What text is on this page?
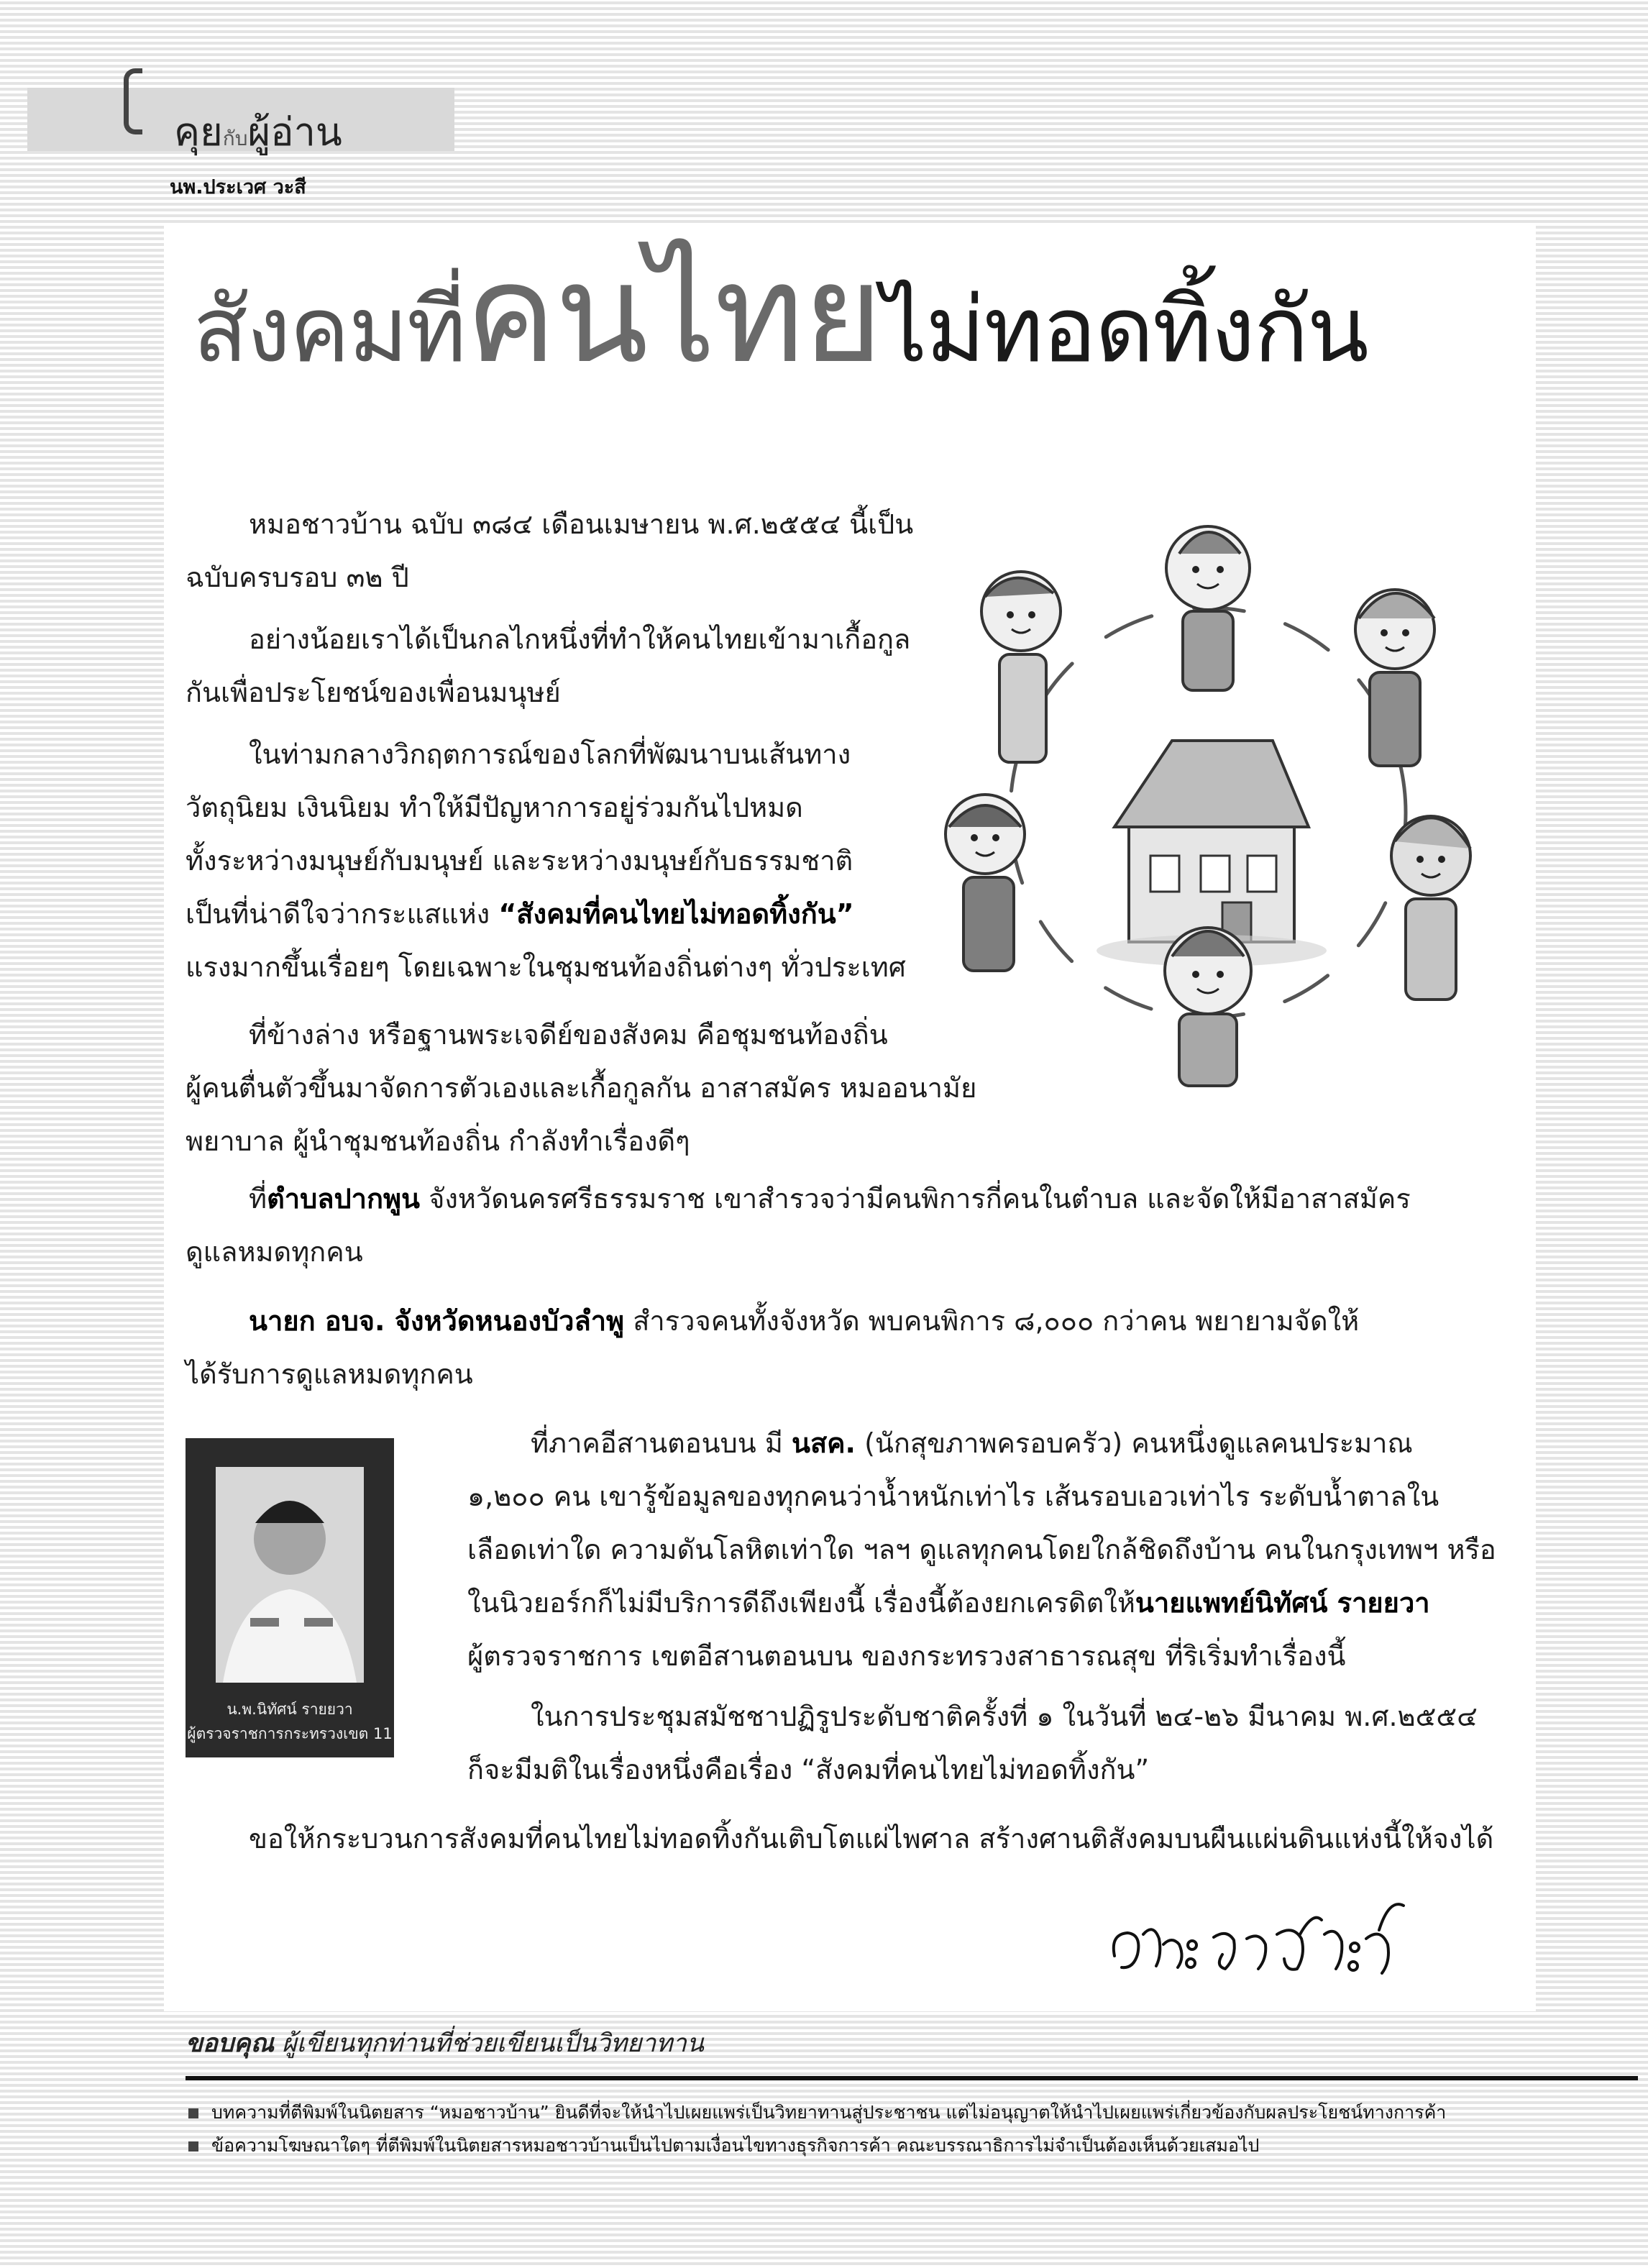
คุยกับผู้อ่าน
นพ.ประเวศ วะสี
สังคมที่คนไทยไม่ทอดทิ้งกัน

หมอชาวบ้าน ฉบับ ๓๘๔ เดือนเมษายน พ.ศ.๒๕๕๔ นี้เป็น
ฉบับครบรอบ ๓๒ ปี

อย่างน้อยเราได้เป็นกลไกหนึ่งที่ทำให้คนไทยเข้ามาเกื้อกูล
กันเพื่อประโยชน์ของเพื่อนมนุษย์

ในท่ามกลางวิกฤตการณ์ของโลกที่พัฒนาบนเส้นทาง
วัตถุนิยม เงินนิยม ทำให้มีปัญหาการอยู่ร่วมกันไปหมด
ทั้งระหว่างมนุษย์กับมนุษย์ และระหว่างมนุษย์กับธรรมชาติ
เป็นที่น่าดีใจว่ากระแสแห่ง “สังคมที่คนไทยไม่ทอดทิ้งกัน”
แรงมากขึ้นเรื่อยๆ โดยเฉพาะในชุมชนท้องถิ่นต่างๆ ทั่วประเทศ

ที่ข้างล่าง หรือฐานพระเจดีย์ของสังคม คือชุมชนท้องถิ่น
ผู้คนตื่นตัวขึ้นมาจัดการตัวเองและเกื้อกูลกัน อาสาสมัคร หมออนามัย
พยาบาล ผู้นำชุมชนท้องถิ่น กำลังทำเรื่องดีๆ

ที่ตำบลปากพูน จังหวัดนครศรีธรรมราช เขาสำรวจว่ามีคนพิการกี่คนในตำบล และจัดให้มีอาสาสมัคร
ดูแลหมดทุกคน

นายก อบจ. จังหวัดหนองบัวลำพู สำรวจคนทั้งจังหวัด พบคนพิการ ๘,๐๐๐ กว่าคน พยายามจัดให้
ได้รับการดูแลหมดทุกคน

น.พ.นิทัศน์ รายยวา
ผู้ตรวจราชการกระทรวงเขต 11

ที่ภาคอีสานตอนบน มี นสค. (นักสุขภาพครอบครัว) คนหนึ่งดูแลคนประมาณ
๑,๒๐๐ คน เขารู้ข้อมูลของทุกคนว่าน้ำหนักเท่าไร เส้นรอบเอวเท่าไร ระดับน้ำตาลใน
เลือดเท่าใด ความดันโลหิตเท่าใด ฯลฯ ดูแลทุกคนโดยใกล้ชิดถึงบ้าน คนในกรุงเทพฯ หรือ
ในนิวยอร์กก็ไม่มีบริการดีถึงเพียงนี้ เรื่องนี้ต้องยกเครดิตให้นายแพทย์นิทัศน์ รายยวา
ผู้ตรวจราชการ เขตอีสานตอนบน ของกระทรวงสาธารณสุข ที่ริเริ่มทำเรื่องนี้

ในการประชุมสมัชชาปฏิรูประดับชาติครั้งที่ ๑ ในวันที่ ๒๔-๒๖ มีนาคม พ.ศ.๒๕๕๔
ก็จะมีมติในเรื่องหนึ่งคือเรื่อง “สังคมที่คนไทยไม่ทอดทิ้งกัน”

ขอให้กระบวนการสังคมที่คนไทยไม่ทอดทิ้งกันเติบโตแผ่ไพศาล สร้างศานติสังคมบนผืนแผ่นดินแห่งนี้ให้จงได้

ขอบคุณ ผู้เขียนทุกท่านที่ช่วยเขียนเป็นวิทยาทาน
บทความที่ตีพิมพ์ในนิตยสาร “หมอชาวบ้าน” ยินดีที่จะให้นำไปเผยแพร่เป็นวิทยาทานสู่ประชาชน แต่ไม่อนุญาตให้นำไปเผยแพร่เกี่ยวข้องกับผลประโยชน์ทางการค้า
ข้อความโฆษณาใดๆ ที่ตีพิมพ์ในนิตยสารหมอชาวบ้านเป็นไปตามเงื่อนไขทางธุรกิจการค้า คณะบรรณาธิการไม่จำเป็นต้องเห็นด้วยเสมอไป
